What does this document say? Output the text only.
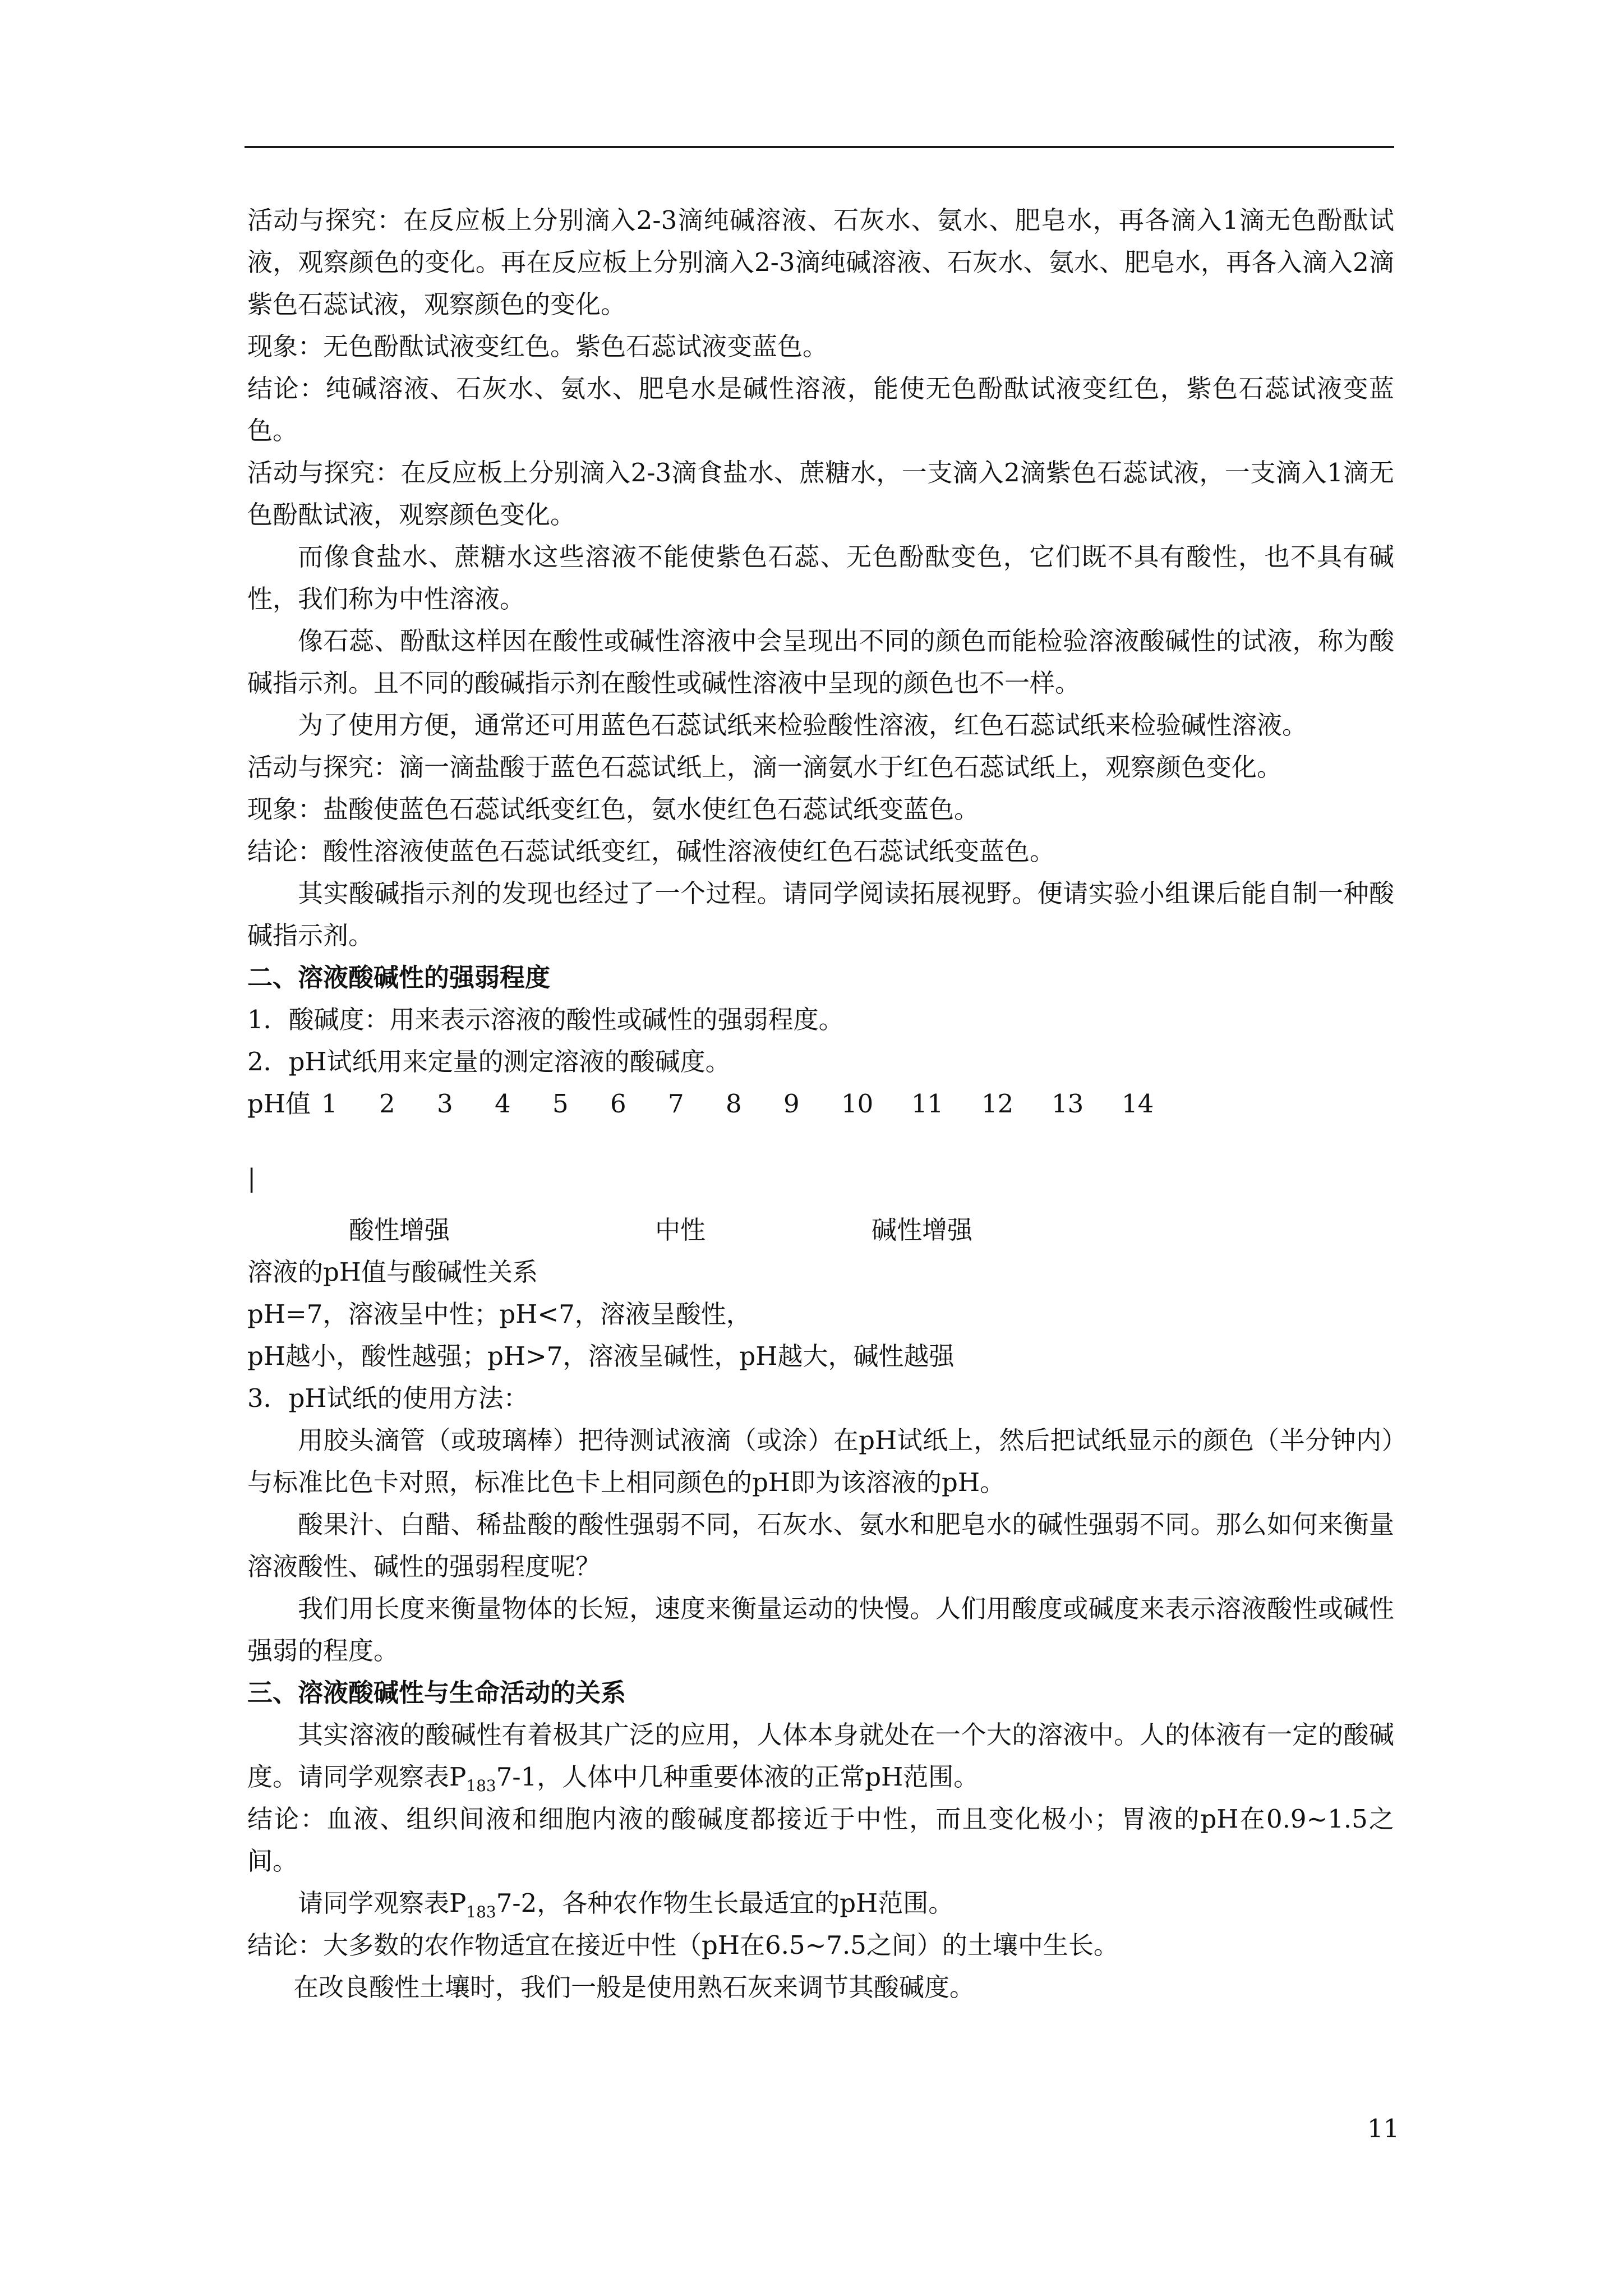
活动与探究：在反应板上分别滴入2-3滴纯碱溶液、石灰水、氨水、肥皂水，再各滴入1滴无色酚酞试液，观察颜色的变化。再在反应板上分别滴入2-3滴纯碱溶液、石灰水、氨水、肥皂水，再各入滴入2滴紫色石蕊试液，观察颜色的变化。

现象：无色酚酞试液变红色。紫色石蕊试液变蓝色。

结论：纯碱溶液、石灰水、氨水、肥皂水是碱性溶液，能使无色酚酞试液变红色，紫色石蕊试液变蓝色。

活动与探究：在反应板上分别滴入2-3滴食盐水、蔗糖水，一支滴入2滴紫色石蕊试液，一支滴入1滴无色酚酞试液，观察颜色变化。

而像食盐水、蔗糖水这些溶液不能使紫色石蕊、无色酚酞变色，它们既不具有酸性，也不具有碱性，我们称为中性溶液。

像石蕊、酚酞这样因在酸性或碱性溶液中会呈现出不同的颜色而能检验溶液酸碱性的试液，称为酸碱指示剂。且不同的酸碱指示剂在酸性或碱性溶液中呈现的颜色也不一样。

为了使用方便，通常还可用蓝色石蕊试纸来检验酸性溶液，红色石蕊试纸来检验碱性溶液。

活动与探究：滴一滴盐酸于蓝色石蕊试纸上，滴一滴氨水于红色石蕊试纸上，观察颜色变化。

现象：盐酸使蓝色石蕊试纸变红色，氨水使红色石蕊试纸变蓝色。

结论：酸性溶液使蓝色石蕊试纸变红，碱性溶液使红色石蕊试纸变蓝色。

其实酸碱指示剂的发现也经过了一个过程。请同学阅读拓展视野。便请实验小组课后能自制一种酸碱指示剂。

二、溶液酸碱性的强弱程度

1．酸碱度：用来表示溶液的酸性或碱性的强弱程度。

2．pH试纸用来定量的测定溶液的酸碱度。

pH值 1	2	3	4	5	6	7	8	9	10	11	12	13	14
|
酸性增强	中性	碱性增强

溶液的pH值与酸碱性关系

pH=7，溶液呈中性；pH<7，溶液呈酸性，

pH越小，酸性越强；pH>7，溶液呈碱性，pH越大，碱性越强

3．pH试纸的使用方法：

用胶头滴管（或玻璃棒）把待测试液滴（或涂）在pH试纸上，然后把试纸显示的颜色（半分钟内）与标准比色卡对照，标准比色卡上相同颜色的pH即为该溶液的pH。

酸果汁、白醋、稀盐酸的酸性强弱不同，石灰水、氨水和肥皂水的碱性强弱不同。那么如何来衡量溶液酸性、碱性的强弱程度呢？

我们用长度来衡量物体的长短，速度来衡量运动的快慢。人们用酸度或碱度来表示溶液酸性或碱性强弱的程度。

三、溶液酸碱性与生命活动的关系

其实溶液的酸碱性有着极其广泛的应用，人体本身就处在一个大的溶液中。人的体液有一定的酸碱度。请同学观察表$P_{183}7-1$，人体中几种重要体液的正常pH范围。

结论：血液、组织间液和细胞内液的酸碱度都接近于中性，而且变化极小；胃液的pH在0.9~1.5之间。

请同学观察表$P_{183}7-2$，各种农作物生长最适宜的pH范围。

结论：大多数的农作物适宜在接近中性（pH在6.5~7.5之间）的土壤中生长。

在改良酸性土壤时，我们一般是使用熟石灰来调节其酸碱度。

11
